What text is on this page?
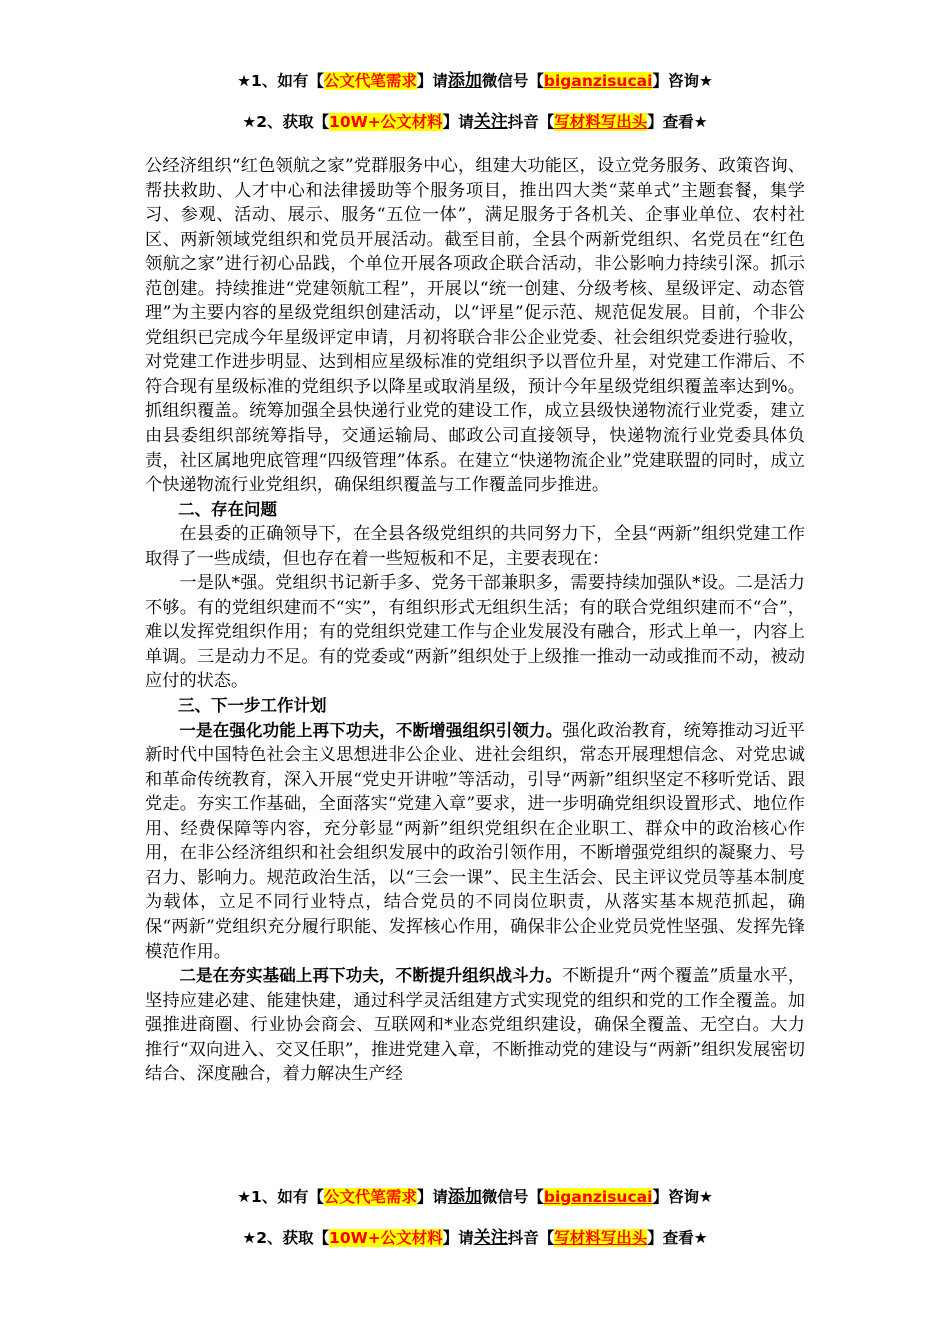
★1、如有【公文代笔需求】请添加微信号【biganzisucai】咨询★
★2、获取【10W+公文材料】请关注抖音【写材料写出头】查看★

公经济组织“红色领航之家”党群服务中心，组建大功能区，设立党务服务、政策咨询、帮扶救助、人才中心和法律援助等个服务项目，推出四大类“菜单式”主题套餐，集学习、参观、活动、展示、服务“五位一体”，满足服务于各机关、企事业单位、农村社区、两新领域党组织和党员开展活动。截至目前，全县个两新党组织、名党员在“红色领航之家”进行初心品践，个单位开展各项政企联合活动，非公影响力持续引深。抓示范创建。持续推进“党建领航工程”，开展以“统一创建、分级考核、星级评定、动态管理”为主要内容的星级党组织创建活动，以“评星”促示范、规范促发展。目前，个非公党组织已完成今年星级评定申请，月初将联合非公企业党委、社会组织党委进行验收，对党建工作进步明显、达到相应星级标准的党组织予以晋位升星，对党建工作滞后、不符合现有星级标准的党组织予以降星或取消星级，预计今年星级党组织覆盖率达到%。抓组织覆盖。统筹加强全县快递行业党的建设工作，成立县级快递物流行业党委，建立由县委组织部统筹指导，交通运输局、邮政公司直接领导，快递物流行业党委具体负责，社区属地兜底管理“四级管理”体系。在建立“快递物流企业”党建联盟的同时，成立个快递物流行业党组织，确保组织覆盖与工作覆盖同步推进。

二、存在问题

在县委的正确领导下，在全县各级党组织的共同努力下，全县“两新”组织党建工作取得了一些成绩，但也存在着一些短板和不足，主要表现在：

一是队*强。党组织书记新手多、党务干部兼职多，需要持续加强队*设。二是活力不够。有的党组织建而不“实”，有组织形式无组织生活；有的联合党组织建而不“合”，难以发挥党组织作用；有的党组织党建工作与企业发展没有融合，形式上单一，内容上单调。三是动力不足。有的党委或“两新”组织处于上级推一推动一动或推而不动，被动应付的状态。

三、下一步工作计划

一是在强化功能上再下功夫，不断增强组织引领力。强化政治教育，统筹推动习近平新时代中国特色社会主义思想进非公企业、进社会组织，常态开展理想信念、对党忠诚和革命传统教育，深入开展“党史开讲啦”等活动，引导“两新”组织坚定不移听党话、跟党走。夯实工作基础，全面落实“党建入章”要求，进一步明确党组织设置形式、地位作用、经费保障等内容，充分彰显“两新”组织党组织在企业职工、群众中的政治核心作用，在非公经济组织和社会组织发展中的政治引领作用，不断增强党组织的凝聚力、号召力、影响力。规范政治生活，以“三会一课”、民主生活会、民主评议党员等基本制度为载体，立足不同行业特点，结合党员的不同岗位职责，从落实基本规范抓起，确保“两新”党组织充分履行职能、发挥核心作用，确保非公企业党员党性坚强、发挥先锋模范作用。

二是在夯实基础上再下功夫，不断提升组织战斗力。不断提升“两个覆盖”质量水平，坚持应建必建、能建快建，通过科学灵活组建方式实现党的组织和党的工作全覆盖。加强推进商圈、行业协会商会、互联网和*业态党组织建设，确保全覆盖、无空白。大力推行“双向进入、交叉任职”，推进党建入章，不断推动党的建设与“两新”组织发展密切结合、深度融合，着力解决生产经

★1、如有【公文代笔需求】请添加微信号【biganzisucai】咨询★
★2、获取【10W+公文材料】请关注抖音【写材料写出头】查看★
